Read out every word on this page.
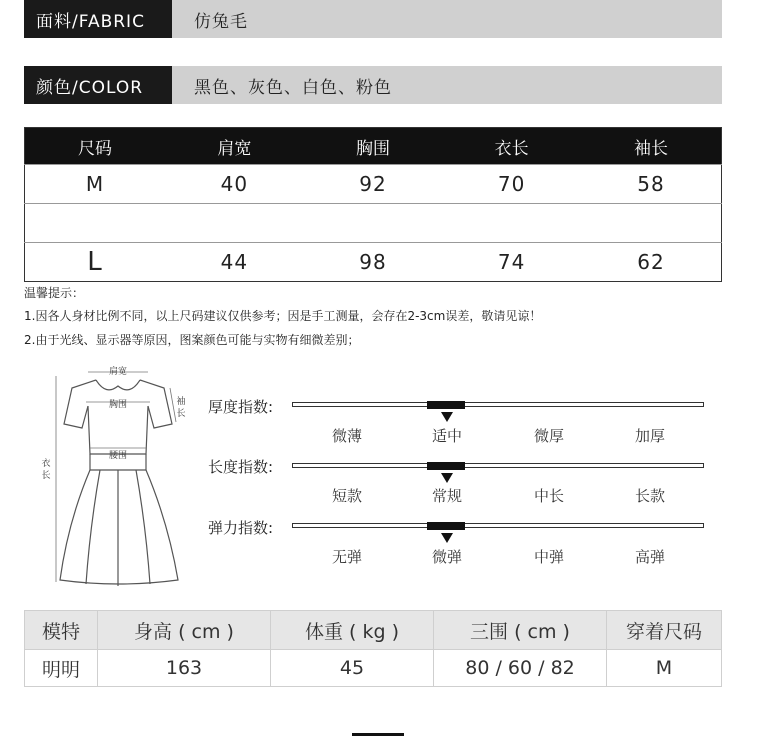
面料/FABRIC	仿兔毛
颜色/COLOR	黑色、灰色、白色、粉色
尺码	肩宽	胸围	衣长	袖长
M	40	92	70	58

L	44	98	74	62
温馨提示：
1.因各人身材比例不同，以上尺码建议仅供参考；因是手工测量，会存在2-3cm误差，敬请见谅！
2.由于光线、显示器等原因，图案颜色可能与实物有细微差别；
肩宽
胸围
腰围
袖
长
衣
长
厚度指数:
微薄	适中	微厚	加厚
长度指数:
短款	常规	中长	长款
弹力指数:
无弹	微弹	中弹	高弹
模特	身高 ( cm )	体重 ( kg )	三围 ( cm )	穿着尺码
明明	163	45	80 / 60 / 82	M
